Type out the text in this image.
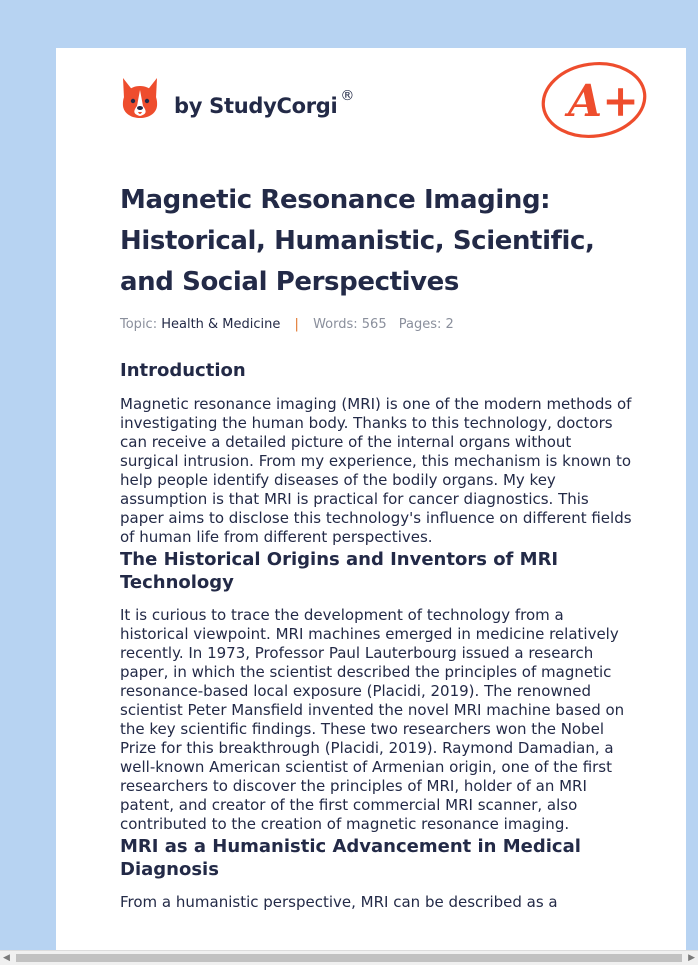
by StudyCorgi ®	A+
Magnetic Resonance Imaging: Historical, Humanistic, Scientific, and Social Perspectives
Topic: Health & Medicine | Words: 565 Pages: 2
Introduction

Magnetic resonance imaging (MRI) is one of the modern methods of investigating the human body. Thanks to this technology, doctors can receive a detailed picture of the internal organs without surgical intrusion. From my experience, this mechanism is known to help people identify diseases of the bodily organs. My key assumption is that MRI is practical for cancer diagnostics. This paper aims to disclose this technology's influence on different fields of human life from different perspectives.

The Historical Origins and Inventors of MRI Technology

It is curious to trace the development of technology from a historical viewpoint. MRI machines emerged in medicine relatively recently. In 1973, Professor Paul Lauterbourg issued a research paper, in which the scientist described the principles of magnetic resonance-based local exposure (Placidi, 2019). The renowned scientist Peter Mansfield invented the novel MRI machine based on the key scientific findings. These two researchers won the Nobel Prize for this breakthrough (Placidi, 2019). Raymond Damadian, a well-known American scientist of Armenian origin, one of the first researchers to discover the principles of MRI, holder of an MRI patent, and creator of the first commercial MRI scanner, also contributed to the creation of magnetic resonance imaging.

MRI as a Humanistic Advancement in Medical Diagnosis

From a humanistic perspective, MRI can be described as a

◀	▶
